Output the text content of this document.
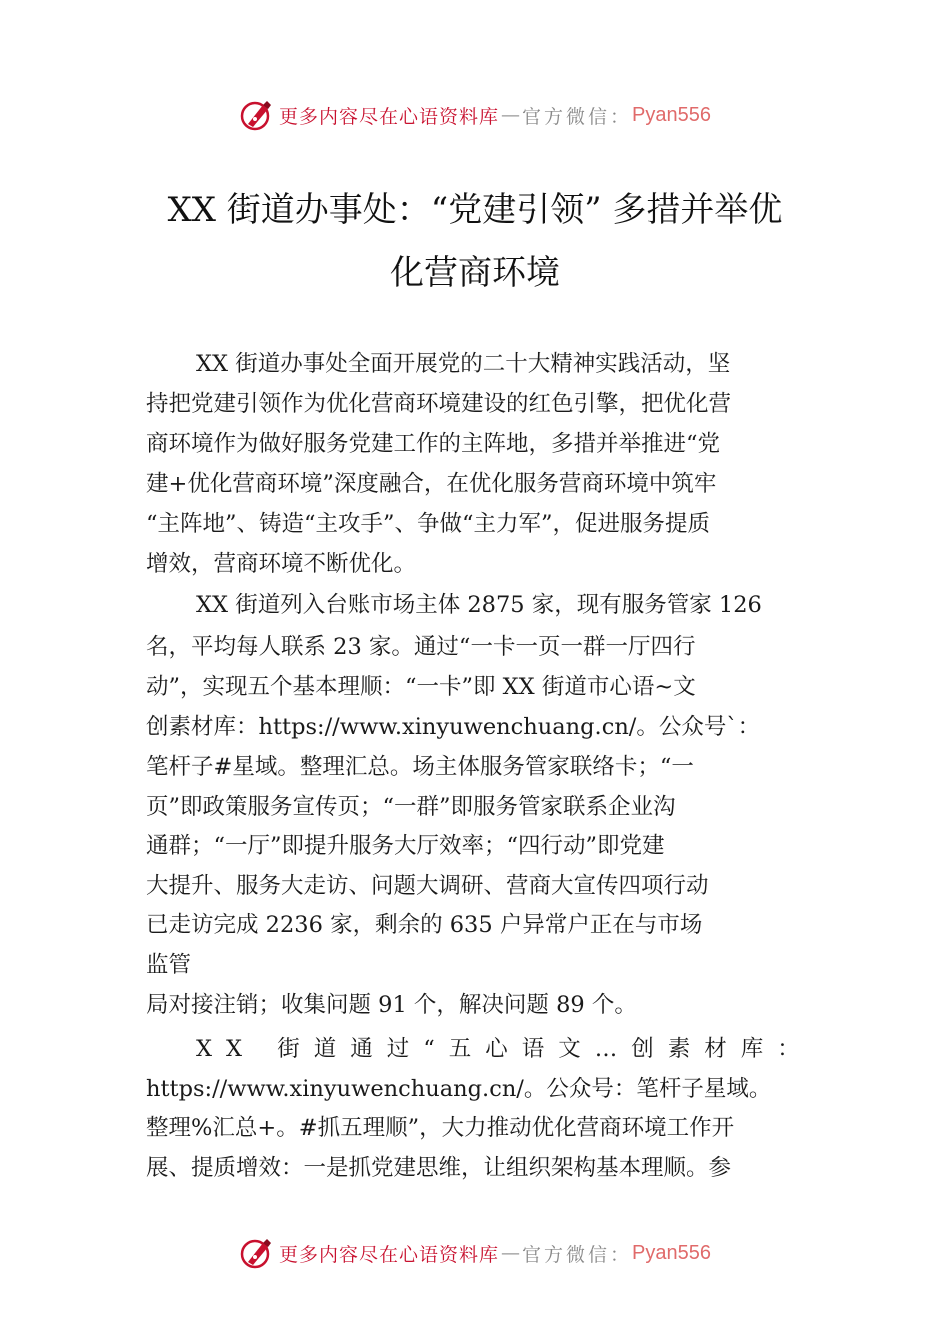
更多内容尽在心语资料库 — 官方微信： Pyan556
XX 街道办事处：“党建引领” 多措并举优
化营商环境
XX 街道办事处全面开展党的二十大精神实践活动，坚
持把党建引领作为优化营商环境建设的红色引擎，把优化营
商环境作为做好服务党建工作的主阵地，多措并举推进“党
建+优化营商环境”深度融合，在优化服务营商环境中筑牢
“主阵地”、铸造“主攻手”、争做“主力军”，促进服务提质
增效，营商环境不断优化。
XX 街道列入台账市场主体 2875 家，现有服务管家 126
名，平均每人联系 23 家。通过“一卡一页一群一厅四行
动”，实现五个基本理顺：“一卡”即 XX 街道市心语~文
创素材库：https://www.xinyuwenchuang.cn/。公众号`：
笔杆子#星域。整理汇总。场主体服务管家联络卡；“一
页”即政策服务宣传页；“一群”即服务管家联系企业沟
通群；“一厅”即提升服务大厅效率；“四行动”即党建
大提升、服务大走访、问题大调研、营商大宣传四项行动
已走访完成 2236 家，剩余的 635 户异常户正在与市场
监管
局对接注销；收集问题 91 个，解决问题 89 个。
XX 街道通过“五心语文…创素材库：
https://www.xinyuwenchuang.cn/。公众号：笔杆子星域。
整理%汇总+。#抓五理顺”，大力推动优化营商环境工作开
展、提质增效：一是抓党建思维，让组织架构基本理顺。参
更多内容尽在心语资料库 — 官方微信： Pyan556
